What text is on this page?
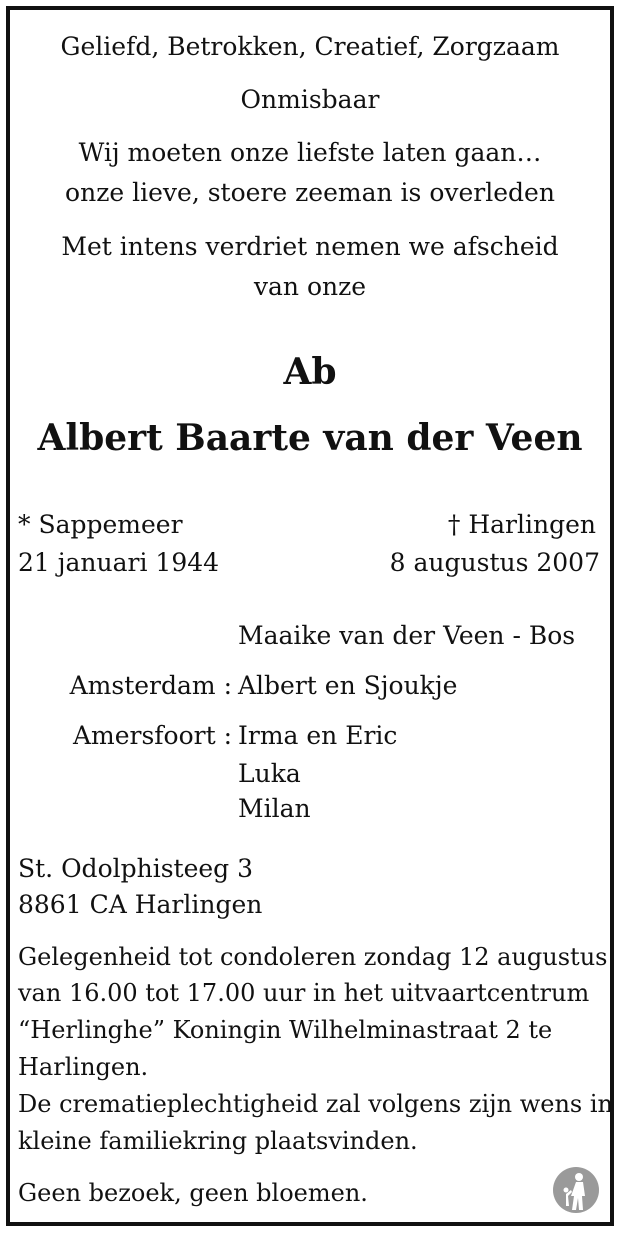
Geliefd, Betrokken, Creatief, Zorgzaam
Onmisbaar
Wij moeten onze liefste laten gaan…
onze lieve, stoere zeeman is overleden
Met intens verdriet nemen we afscheid
van onze
Ab
Albert Baarte van der Veen
* Sappemeer
21 januari 1944
† Harlingen
8 augustus 2007
Maaike van der Veen - Bos
Amsterdam : Albert en Sjoukje
Amersfoort : Irma en Eric
Luka
Milan
St. Odolphisteeg 3
8861 CA Harlingen
Gelegenheid tot condoleren zondag 12 augustus
van 16.00 tot 17.00 uur in het uitvaartcentrum
“Herlinghe” Koningin Wilhelminastraat 2 te
Harlingen.
De crematieplechtigheid zal volgens zijn wens in
kleine familiekring plaatsvinden.
Geen bezoek, geen bloemen.
